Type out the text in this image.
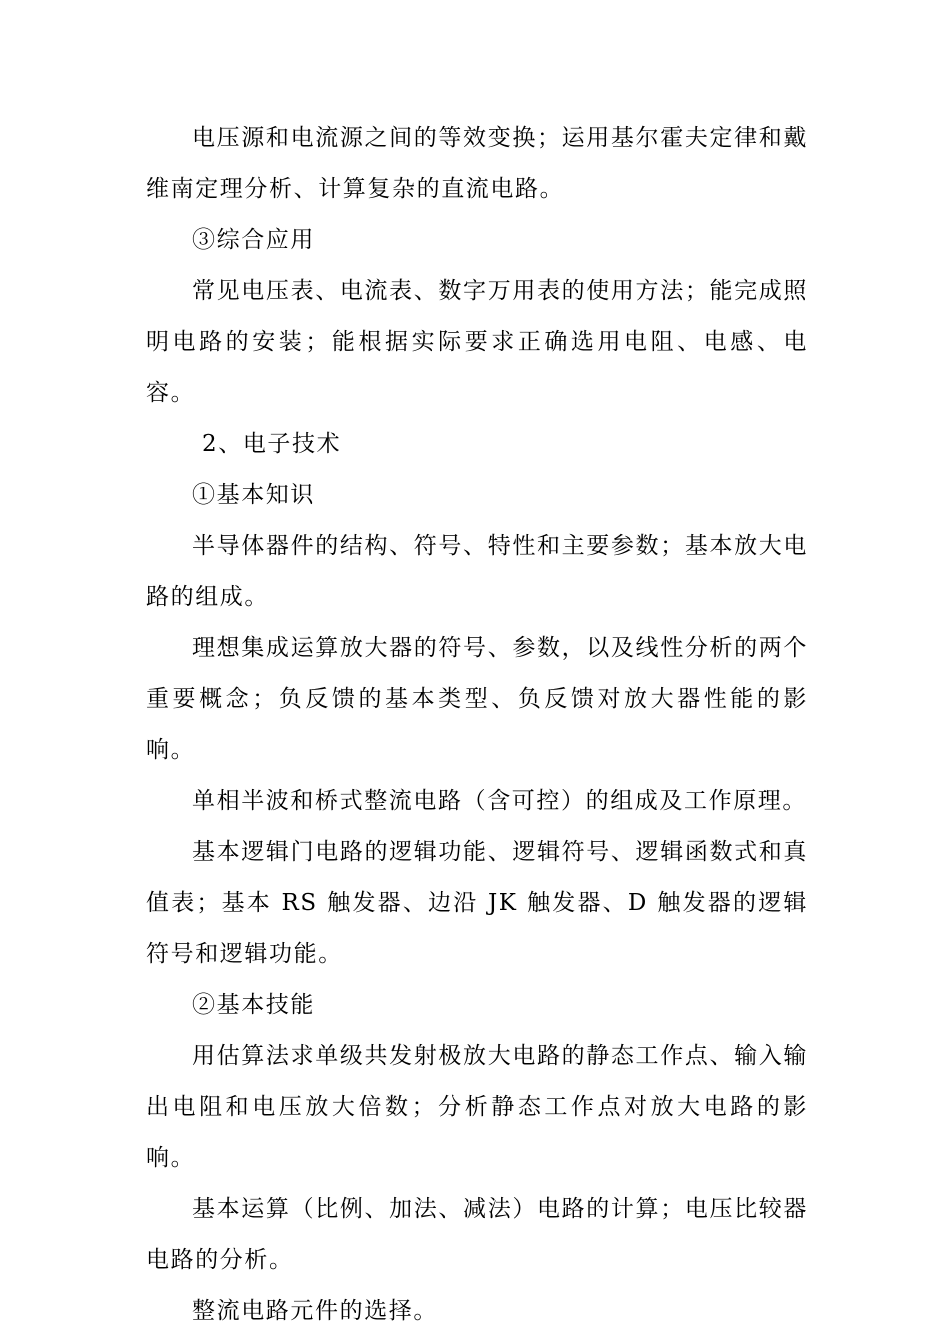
电压源和电流源之间的等效变换；运用基尔霍夫定律和戴维南定理分析、计算复杂的直流电路。

③综合应用

常见电压表、电流表、数字万用表的使用方法；能完成照明电路的安装；能根据实际要求正确选用电阻、电感、电容。

2、电子技术

①基本知识

半导体器件的结构、符号、特性和主要参数；基本放大电路的组成。

理想集成运算放大器的符号、参数，以及线性分析的两个重要概念；负反馈的基本类型、负反馈对放大器性能的影响。

单相半波和桥式整流电路（含可控）的组成及工作原理。

基本逻辑门电路的逻辑功能、逻辑符号、逻辑函数式和真值表；基本 RS 触发器、边沿 JK 触发器、D 触发器的逻辑符号和逻辑功能。

②基本技能

用估算法求单级共发射极放大电路的静态工作点、输入输出电阻和电压放大倍数；分析静态工作点对放大电路的影响。

基本运算（比例、加法、减法）电路的计算；电压比较器电路的分析。

整流电路元件的选择。
